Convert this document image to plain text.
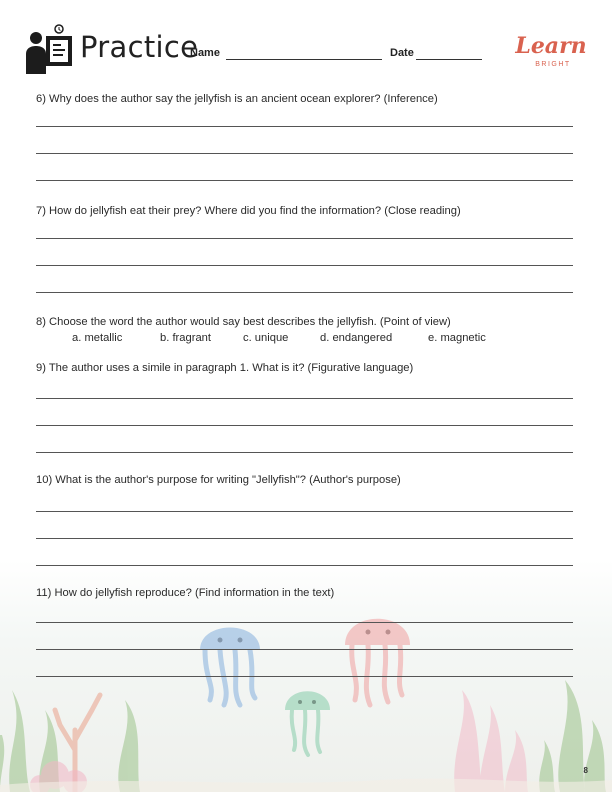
Practice
Name	Date	Learn
BRIGHT
6) Why does the author say the jellyfish is an ancient ocean explorer? (Inference)
7) How do jellyfish eat their prey? Where did you find the information? (Close reading)
8) Choose the word the author would say best describes the jellyfish. (Point of view)
a. metallic	b. fragrant	c. unique	d. endangered	e. magnetic
9) The author uses a simile in paragraph 1. What is it? (Figurative language)
10) What is the author's purpose for writing "Jellyfish"? (Author's purpose)
11) How do jellyfish reproduce? (Find information in the text)
8
